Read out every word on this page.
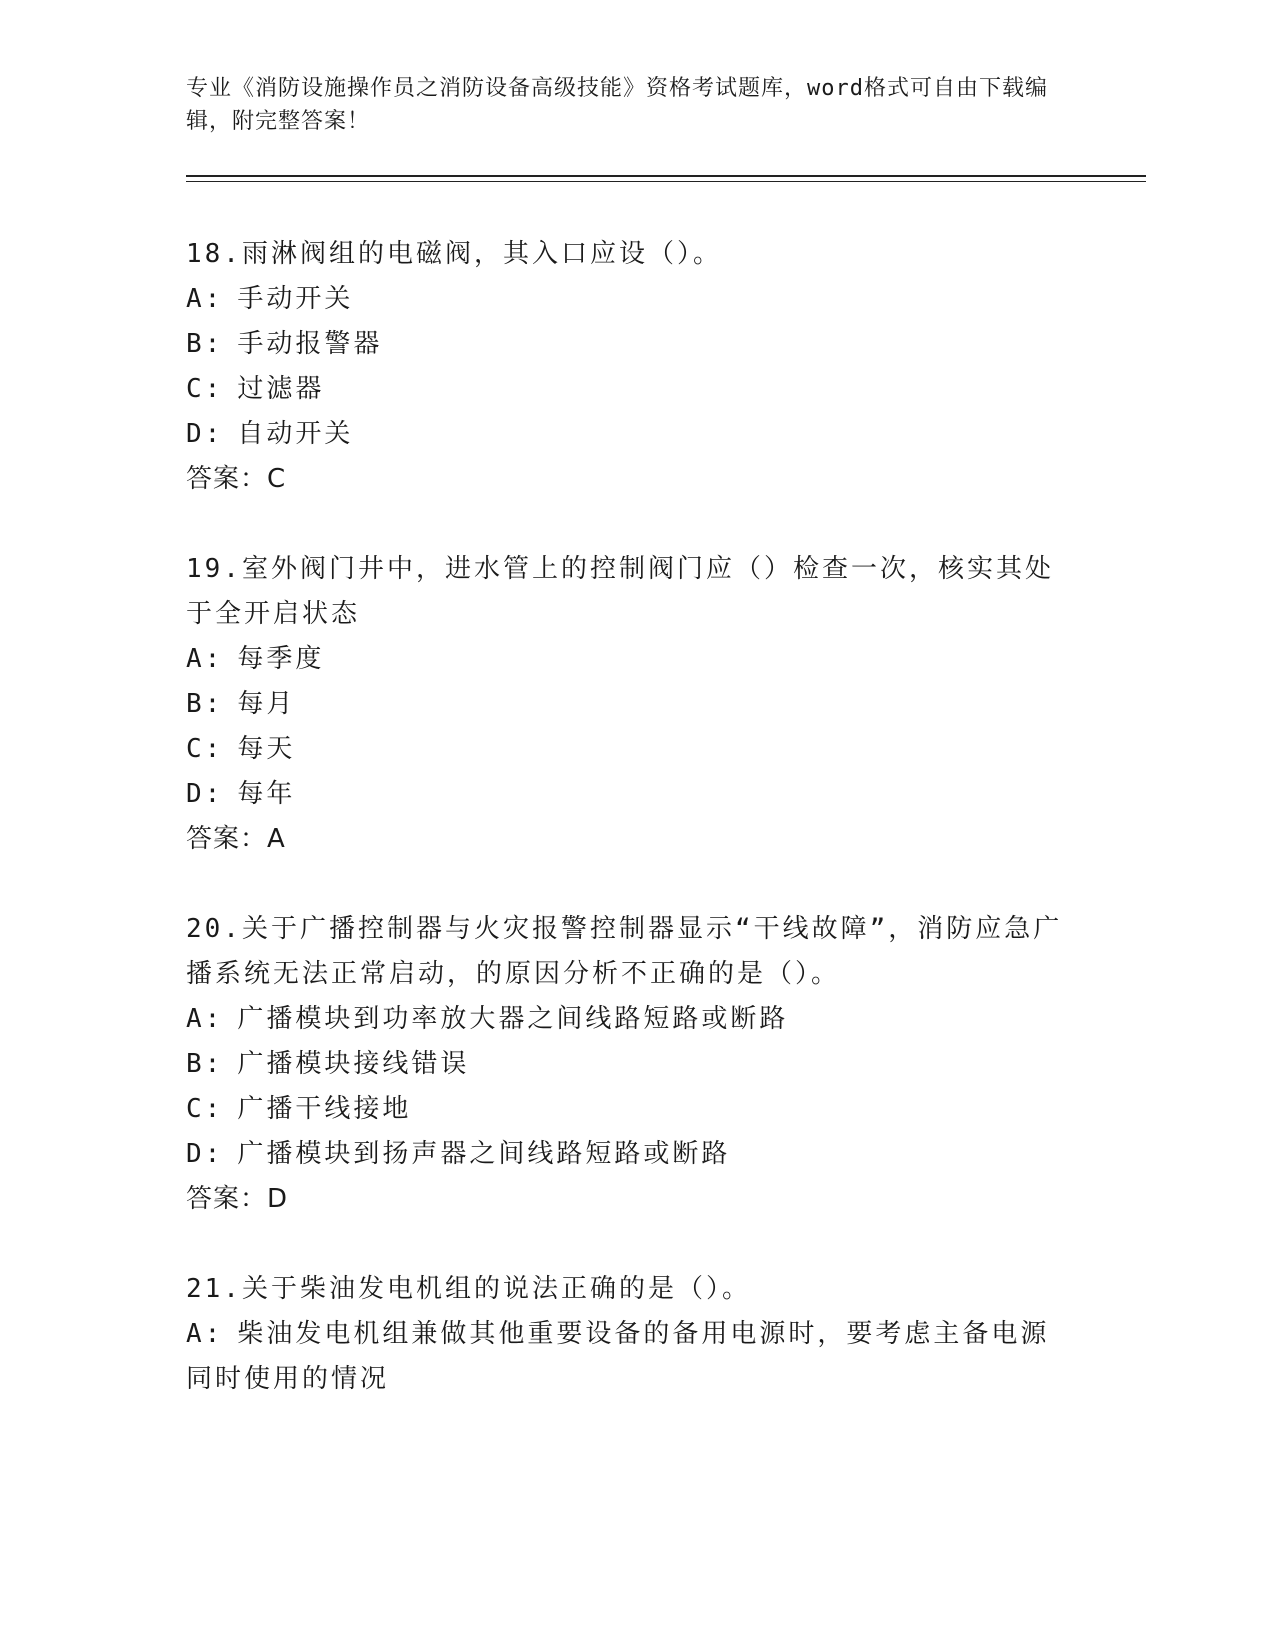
专业《消防设施操作员之消防设备高级技能》资格考试题库，word格式可自由下载编辑，附完整答案！

18.雨淋阀组的电磁阀，其入口应设（）。

A: 手动开关

B: 手动报警器

C: 过滤器

D: 自动开关

答案：C

19.室外阀门井中，进水管上的控制阀门应（）检查一次，核实其处于全开启状态

A: 每季度

B: 每月

C: 每天

D: 每年

答案：A

20.关于广播控制器与火灾报警控制器显示“干线故障”，消防应急广播系统无法正常启动，的原因分析不正确的是（）。

A: 广播模块到功率放大器之间线路短路或断路

B: 广播模块接线错误

C: 广播干线接地

D: 广播模块到扬声器之间线路短路或断路

答案：D

21.关于柴油发电机组的说法正确的是（）。

A: 柴油发电机组兼做其他重要设备的备用电源时，要考虑主备电源同时使用的情况
